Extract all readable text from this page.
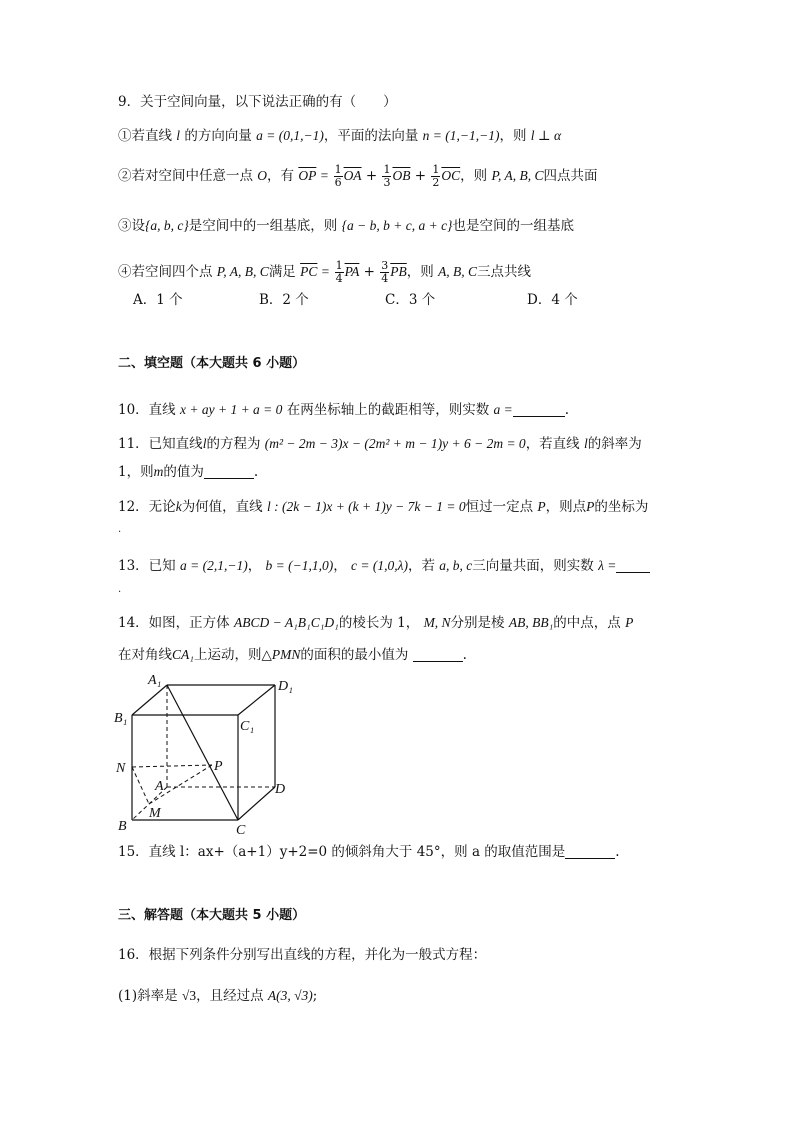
9．关于空间向量，以下说法正确的有（　　）
①若直线 l 的方向向量 a = (0,1,−1)，平面的法向量 n = (1,−1,−1)，则 l ⊥ α
②若对空间中任意一点 O，有 $\overline{OP} = \frac{1}{6} \overline{OA} + \frac{1}{3} \overline{OB} + \frac{1}{2} \overline{OC}$，则 P, A, B, C四点共面
③设{a, b, c}是空间中的一组基底，则 {a − b, b + c, a + c}也是空间的一组基底
④若空间四个点 P, A, B, C满足 $\overline{PC} = \frac{1}{4} \overline{PA} + \frac{3}{4} \overline{PB}$，则 A, B, C三点共线
A．1 个	B．2 个	C．3 个	D．4 个
二、填空题（本大题共 6 小题）
10．直线 x + ay + 1 + a = 0 在两坐标轴上的截距相等，则实数 a =	.
11．已知直线l的方程为 (m² − 2m − 3)x − (2m² + m − 1)y + 6 − 2m = 0，若直线 l的斜率为
1，则m的值为	.
12．无论k为何值，直线 l : (2k − 1)x + (k + 1)y − 7k − 1 = 0恒过一定点 P，则点P的坐标为
.
13．已知 a = (2,1,−1)， b = (−1,1,0)， c = (1,0,λ)，若 a, b, c三向量共面，则实数 λ =
.
14．如图，正方体 ABCD − A₁B₁C₁D₁的棱长为 1， M, N分别是棱 AB, BB₁的中点，点 P
在对角线CA₁上运动，则△PMN的面积的最小值为	.
A₁	D₁
B₁
C₁
N	P
A	D
M
B	C
15．直线 l：ax+（a+1）y+2=0 的倾斜角大于 45°，则 a 的取值范围是	.
三、解答题（本大题共 5 小题）
16．根据下列条件分别写出直线的方程，并化为一般式方程：
(1)斜率是 √3，且经过点 A(3, √3);
